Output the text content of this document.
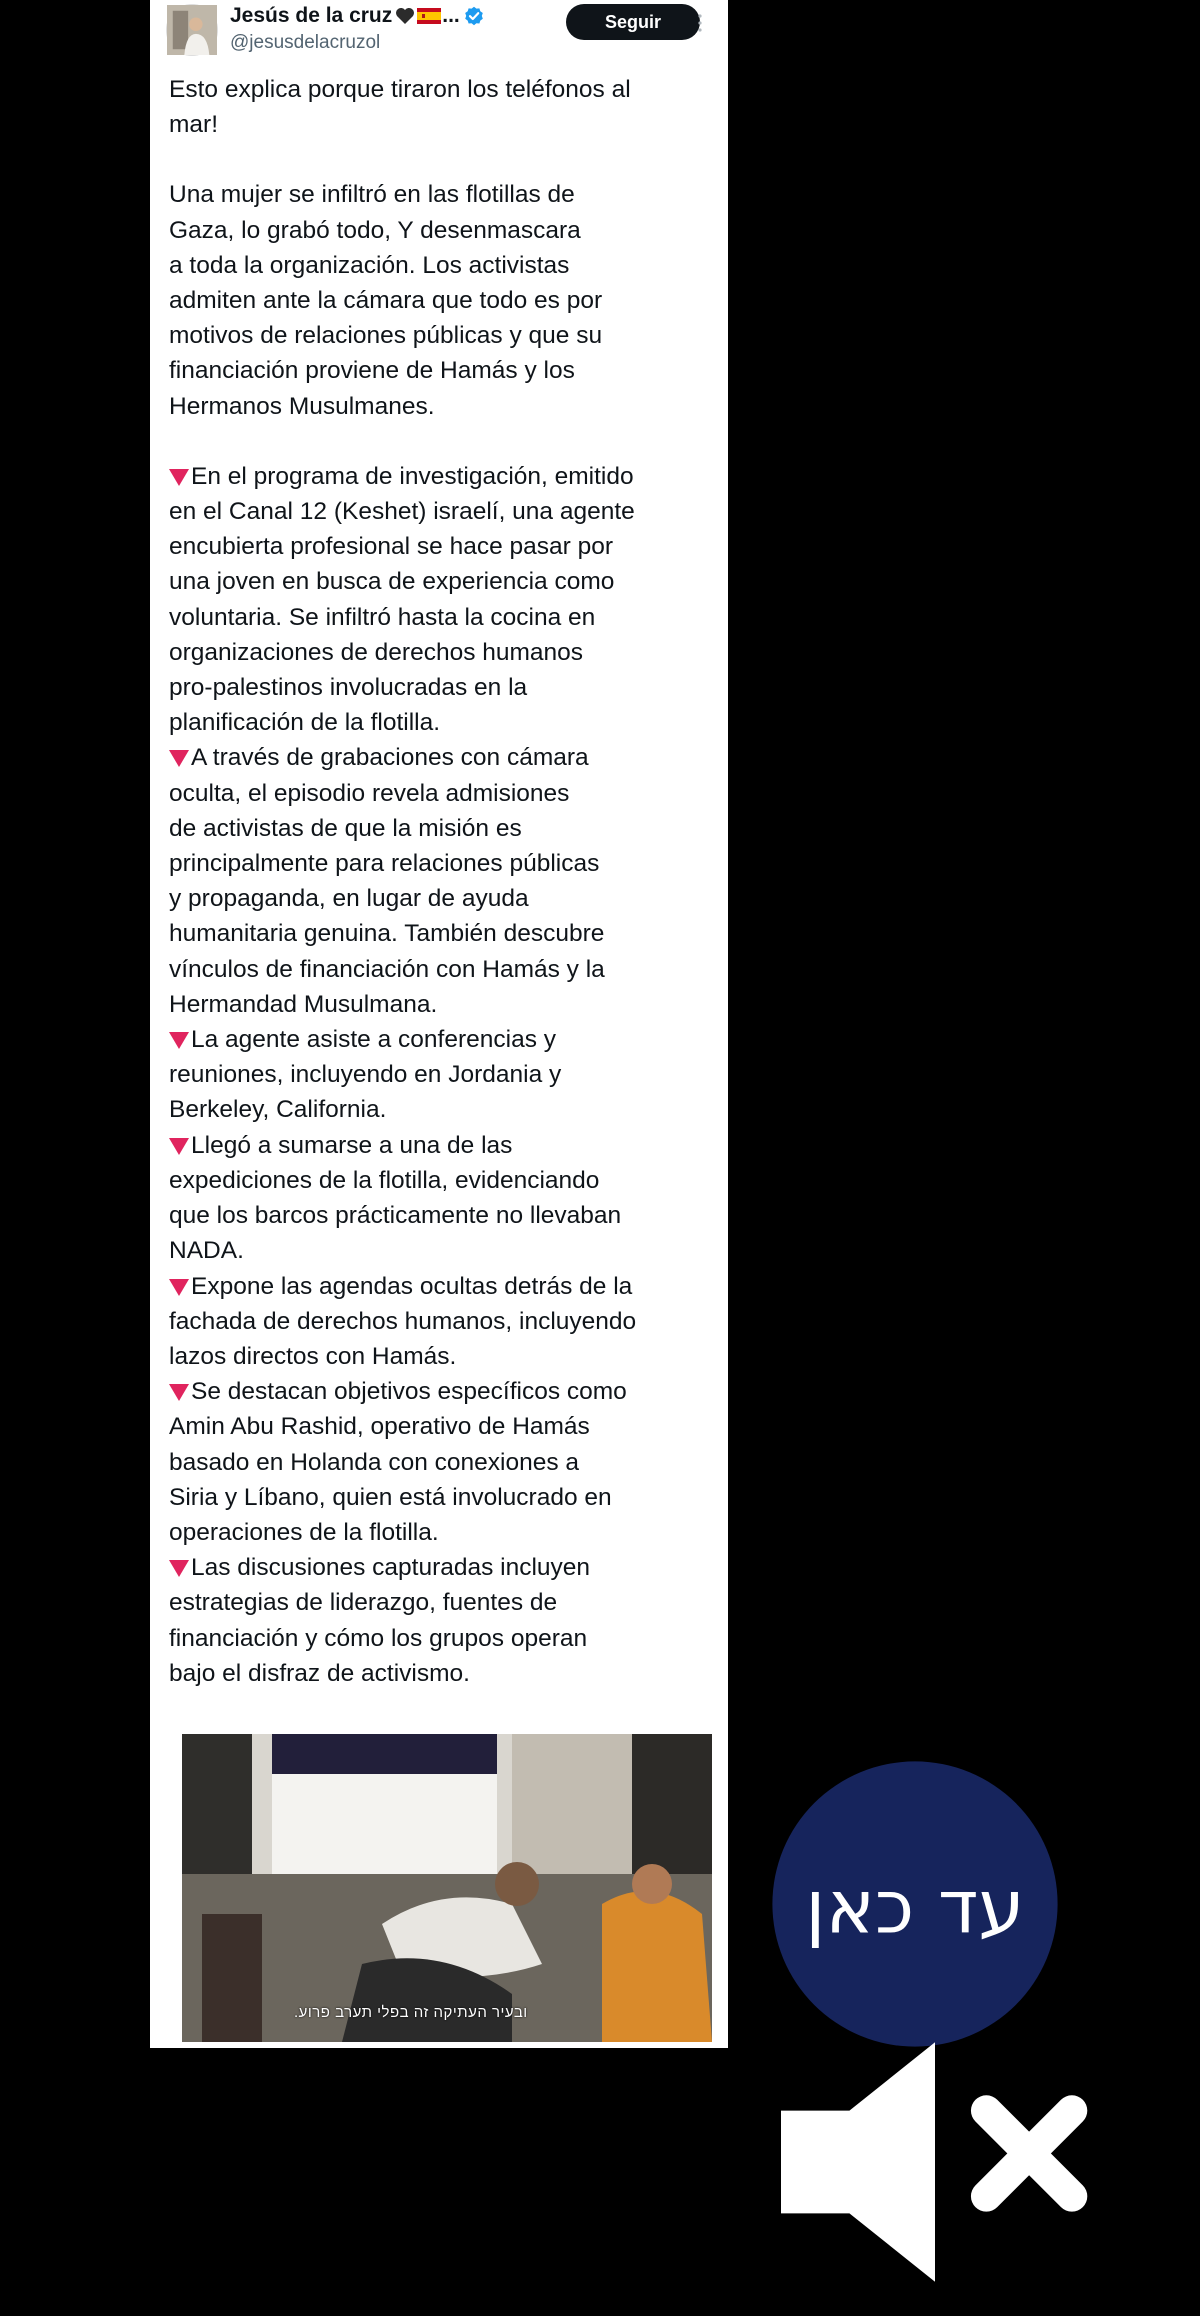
Jesús de la cruz ...
@jesusdelacruzol
Seguir
Esto explica porque tiraron los teléfonos al
mar!
Una mujer se infiltró en las flotillas de
Gaza, lo grabó todo, Y desenmascara
a toda la organización. Los activistas
admiten ante la cámara que todo es por
motivos de relaciones públicas y que su
financiación proviene de Hamás y los
Hermanos Musulmanes.
En el programa de investigación, emitido
en el Canal 12 (Keshet) israelí, una agente
encubierta profesional se hace pasar por
una joven en busca de experiencia como
voluntaria. Se infiltró hasta la cocina en
organizaciones de derechos humanos
pro-palestinos involucradas en la
planificación de la flotilla.
A través de grabaciones con cámara
oculta, el episodio revela admisiones
de activistas de que la misión es
principalmente para relaciones públicas
y propaganda, en lugar de ayuda
humanitaria genuina. También descubre
vínculos de financiación con Hamás y la
Hermandad Musulmana.
La agente asiste a conferencias y
reuniones, incluyendo en Jordania y
Berkeley, California.
Llegó a sumarse a una de las
expediciones de la flotilla, evidenciando
que los barcos prácticamente no llevaban
NADA.
Expone las agendas ocultas detrás de la
fachada de derechos humanos, incluyendo
lazos directos con Hamás.
Se destacan objetivos específicos como
Amin Abu Rashid, operativo de Hamás
basado en Holanda con conexiones a
Siria y Líbano, quien está involucrado en
operaciones de la flotilla.
Las discusiones capturadas incluyen
estrategias de liderazgo, fuentes de
financiación y cómo los grupos operan
bajo el disfraz de activismo.
עד כאן
ובעיר העתיקה זה בפלי תערב פרוע.
